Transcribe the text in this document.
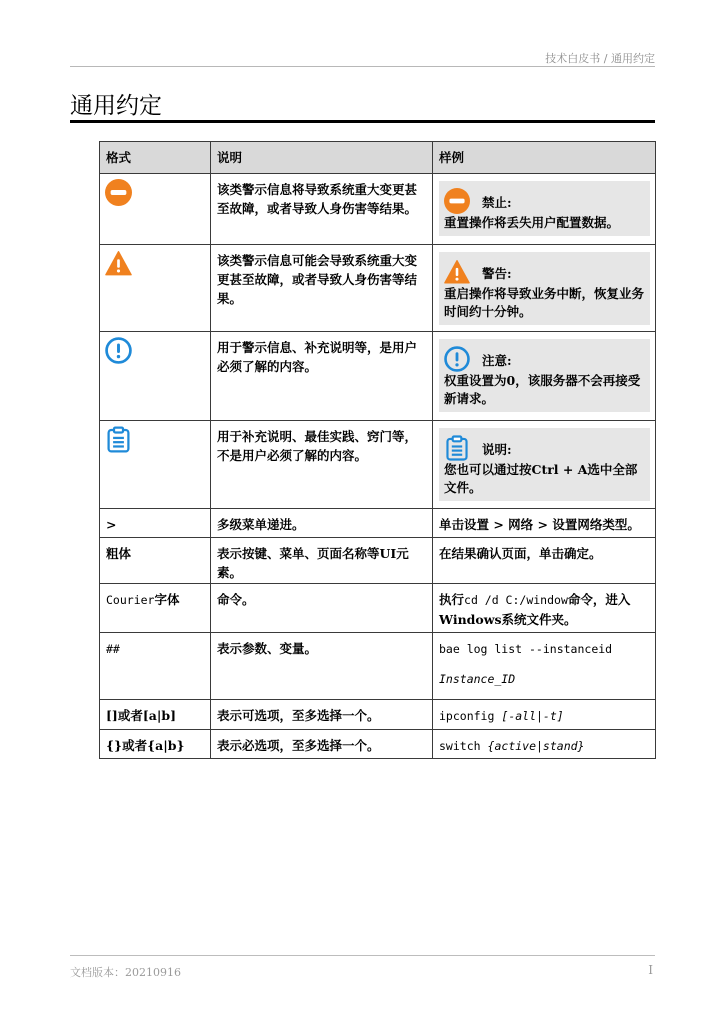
技术白皮书 / 通用约定
通用约定
格式	说明	样例

	该类警示信息将导致系统重大变更甚至故障，或者导致人身伤害等结果。	禁止:
重置操作将丢失用户配置数据。

	该类警示信息可能会导致系统重大变更甚至故障，或者导致人身伤害等结果。	警告:
重启操作将导致业务中断，恢复业务时间约十分钟。

	用于警示信息、补充说明等，是用户必须了解的内容。	注意:
权重设置为0，该服务器不会再接受新请求。

	用于补充说明、最佳实践、窍门等，不是用户必须了解的内容。	说明:
您也可以通过按Ctrl + A选中全部文件。

>	多级菜单递进。	单击设置 > 网络 > 设置网络类型。
粗体	表示按键、菜单、页面名称等UI元素。	在结果确认页面，单击确定。
Courier字体	命令。	执行cd /d C:/window命令，进入Windows系统文件夹。
##	表示参数、变量。	bae log list --instanceid
Instance_ID

[]或者[a|b]	表示可选项，至多选择一个。	ipconfig [-all|-t]
{}或者{a|b}	表示必选项，至多选择一个。	switch {active|stand}
文档版本：20210916	I
